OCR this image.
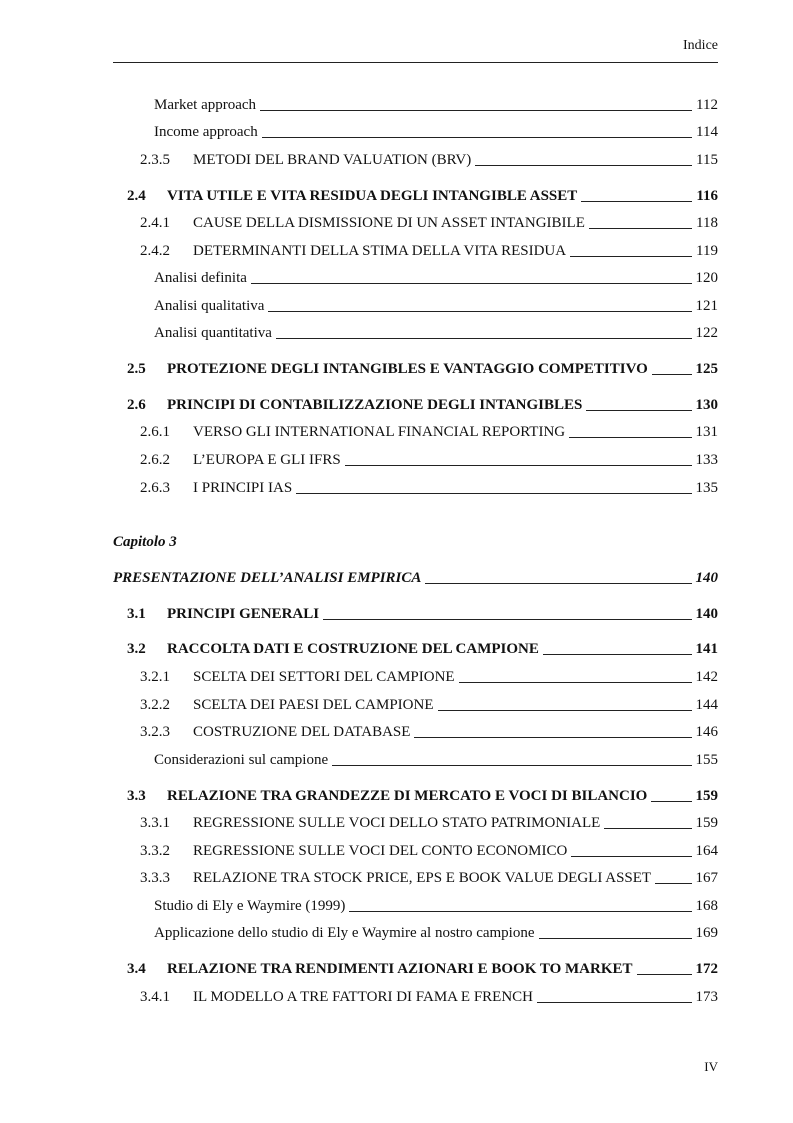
Indice
Capitolo 3
Market approach	112
Income approach	114
2.3.5	METODI DEL BRAND VALUATION (BRV)	115
2.4	VITA UTILE E VITA RESIDUA DEGLI INTANGIBLE ASSET	116
2.4.1	CAUSE DELLA DISMISSIONE DI UN ASSET INTANGIBILE	118
2.4.2	DETERMINANTI DELLA STIMA DELLA VITA RESIDUA	119
Analisi definita	120
Analisi qualitativa	121
Analisi quantitativa	122
2.5	PROTEZIONE DEGLI INTANGIBLES E VANTAGGIO COMPETITIVO	125
2.6	PRINCIPI DI CONTABILIZZAZIONE DEGLI INTANGIBLES	130
2.6.1	VERSO GLI INTERNATIONAL FINANCIAL REPORTING	131
2.6.2	L’EUROPA E GLI IFRS	133
2.6.3	I PRINCIPI IAS	135
PRESENTAZIONE DELL’ANALISI EMPIRICA	140
3.1	PRINCIPI GENERALI	140
3.2	RACCOLTA DATI E COSTRUZIONE DEL CAMPIONE	141
3.2.1	SCELTA DEI SETTORI DEL CAMPIONE	142
3.2.2	SCELTA DEI PAESI DEL CAMPIONE	144
3.2.3	COSTRUZIONE DEL DATABASE	146
Considerazioni sul campione	155
3.3	RELAZIONE TRA GRANDEZZE DI MERCATO E VOCI DI BILANCIO	159
3.3.1	REGRESSIONE SULLE VOCI DELLO STATO PATRIMONIALE	159
3.3.2	REGRESSIONE SULLE VOCI DEL CONTO ECONOMICO	164
3.3.3	RELAZIONE TRA STOCK PRICE, EPS E BOOK VALUE DEGLI ASSET	167
Studio di Ely e Waymire (1999)	168
Applicazione dello studio di Ely e Waymire al nostro campione	169
3.4	RELAZIONE TRA RENDIMENTI AZIONARI E BOOK TO MARKET	172
3.4.1	IL MODELLO A TRE FATTORI DI FAMA E FRENCH	173
IV
